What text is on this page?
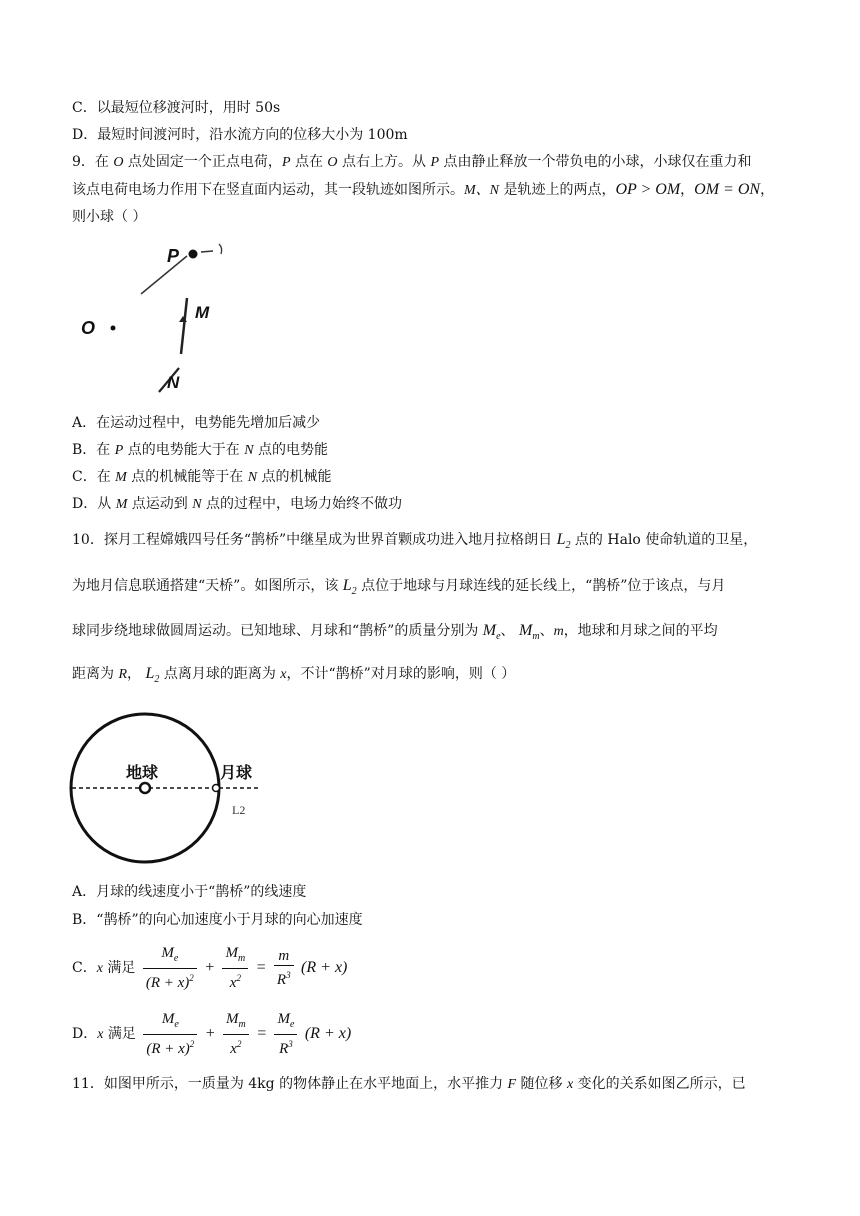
C．以最短位移渡河时，用时 50s
D．最短时间渡河时，沿水流方向的位移大小为 100m
9．在 O 点处固定一个正点电荷，P 点在 O 点右上方。从 P 点由静止释放一个带负电的小球，小球仅在重力和
该点电荷电场力作用下在竖直面内运动，其一段轨迹如图所示。M、N 是轨迹上的两点，OP > OM，OM = ON，
则小球（ ）
P
O
M
N
A．在运动过程中，电势能先增加后减少
B．在 P 点的电势能大于在 N 点的电势能
C．在 M 点的机械能等于在 N 点的机械能
D．从 M 点运动到 N 点的过程中，电场力始终不做功
10．探月工程嫦娥四号任务“鹊桥”中继星成为世界首颗成功进入地月拉格朗日 $L_2$ 点的 Halo 使命轨道的卫星，
为地月信息联通搭建“天桥”。如图所示，该 $L_2$ 点位于地球与月球连线的延长线上，“鹊桥”位于该点，与月
球同步绕地球做圆周运动。已知地球、月球和“鹊桥”的质量分别为 $M_e$、 $M_m$、m，地球和月球之间的平均
距离为 R， $L_2$ 点离月球的距离为 x，不计“鹊桥”对月球的影响，则（ ）
地球	月球
L2
A．月球的线速度小于“鹊桥”的线速度
B．“鹊桥”的向心加速度小于月球的向心加速度
C．x 满足 $\frac{M_e}{(R + x)^2} + \frac{M_m}{x^2} = \frac{m}{R^3} (R + x)$
D．x 满足 $\frac{M_e}{(R + x)^2} + \frac{M_m}{x^2} = \frac{M_e}{R^3} (R + x)$
11．如图甲所示，一质量为 4kg 的物体静止在水平地面上，水平推力 F 随位移 x 变化的关系如图乙所示，已
